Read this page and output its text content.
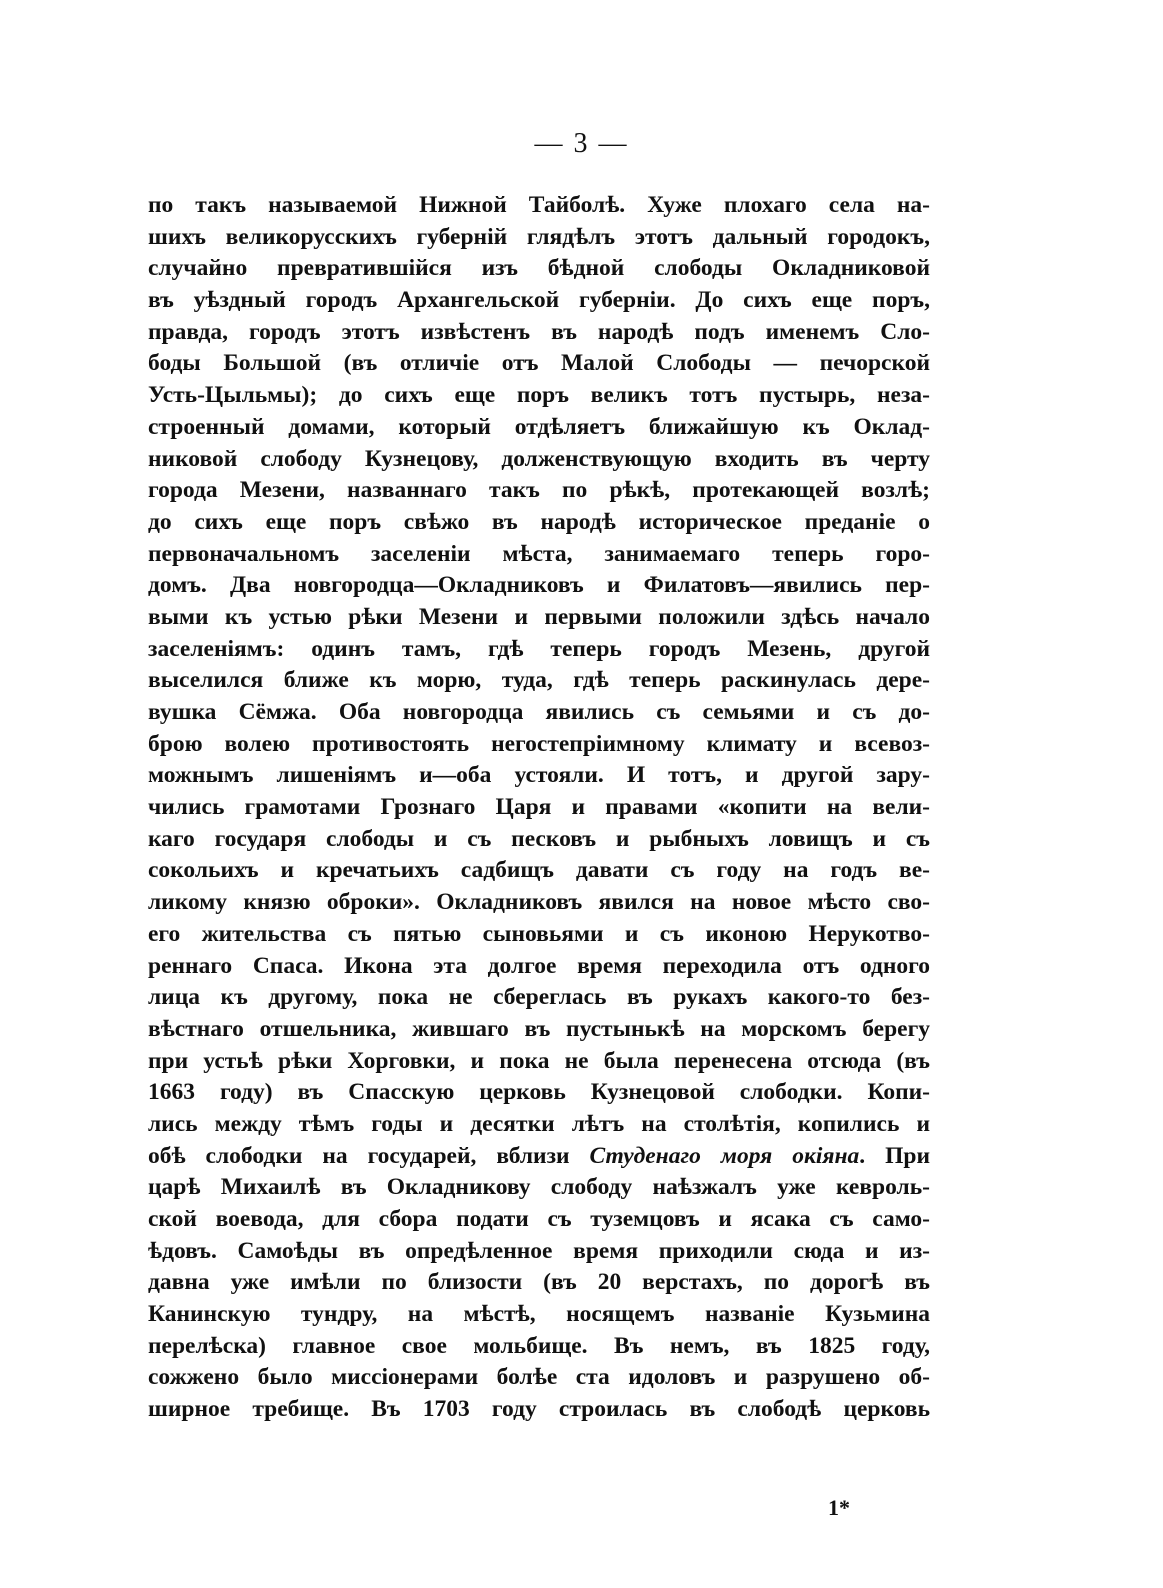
— 3 —
по такъ называемой Нижной Тайболѣ. Хуже плохаго села на-
шихъ великорусскихъ губерній глядѣлъ этотъ дальный городокъ,
случайно превратившійся изъ бѣдной слободы Окладниковой
въ уѣздный городъ Архангельской губерніи. До сихъ еще поръ,
правда, городъ этотъ извѣстенъ въ народѣ подъ именемъ Сло-
боды Большой (въ отличіе отъ Малой Слободы — печорской
Усть-Цыльмы); до сихъ еще поръ великъ тотъ пустырь, неза-
строенный домами, который отдѣляетъ ближайшую къ Оклад-
никовой слободу Кузнецову, долженствующую входить въ черту
города Мезени, названнаго такъ по рѣкѣ, протекающей возлѣ;
до сихъ еще поръ свѣжо въ народѣ историческое преданіе о
первоначальномъ заселеніи мѣста, занимаемаго теперь горо-
домъ. Два новгородца—Окладниковъ и Филатовъ—явились пер-
выми къ устью рѣки Мезени и первыми положили здѣсь начало
заселеніямъ: одинъ тамъ, гдѣ теперь городъ Мезень, другой
выселился ближе къ морю, туда, гдѣ теперь раскинулась дере-
вушка Сёмжа. Оба новгородца явились съ семьями и съ до-
брою волею противостоять негостепріимному климату и всевоз-
можнымъ лишеніямъ и—оба устояли. И тотъ, и другой зару-
чились грамотами Грознаго Царя и правами «копити на вели-
каго государя слободы и съ песковъ и рыбныхъ ловищъ и съ
сокольихъ и кречатьихъ садбищъ давати съ году на годъ ве-
ликому князю оброки». Окладниковъ явился на новое мѣсто сво-
его жительства съ пятью сыновьями и съ иконою Нерукотво-
реннаго Спаса. Икона эта долгое время переходила отъ одного
лица къ другому, пока не сбереглась въ рукахъ какого-то без-
вѣстнаго отшельника, жившаго въ пустынькѣ на морскомъ берегу
при устьѣ рѣки Хорговки, и пока не была перенесена отсюда (въ
1663 году) въ Спасскую церковь Кузнецовой слободки. Копи-
лись между тѣмъ годы и десятки лѣтъ на столѣтія, копились и
обѣ слободки на государей, вблизи Студенаго моря окіяна. При
царѣ Михаилѣ въ Окладникову слободу наѣзжалъ уже кевроль-
ской воевода, для сбора подати съ туземцовъ и ясака съ само-
ѣдовъ. Самоѣды въ опредѣленное время приходили сюда и из-
давна уже имѣли по близости (въ 20 верстахъ, по дорогѣ въ
Канинскую тундру, на мѣстѣ, носящемъ названіе Кузьмина
перелѣска) главное свое мольбище. Въ немъ, въ 1825 году,
сожжено было миссіонерами болѣе ста идоловъ и разрушено об-
ширное требище. Въ 1703 году строилась въ слободѣ церковь
1*
